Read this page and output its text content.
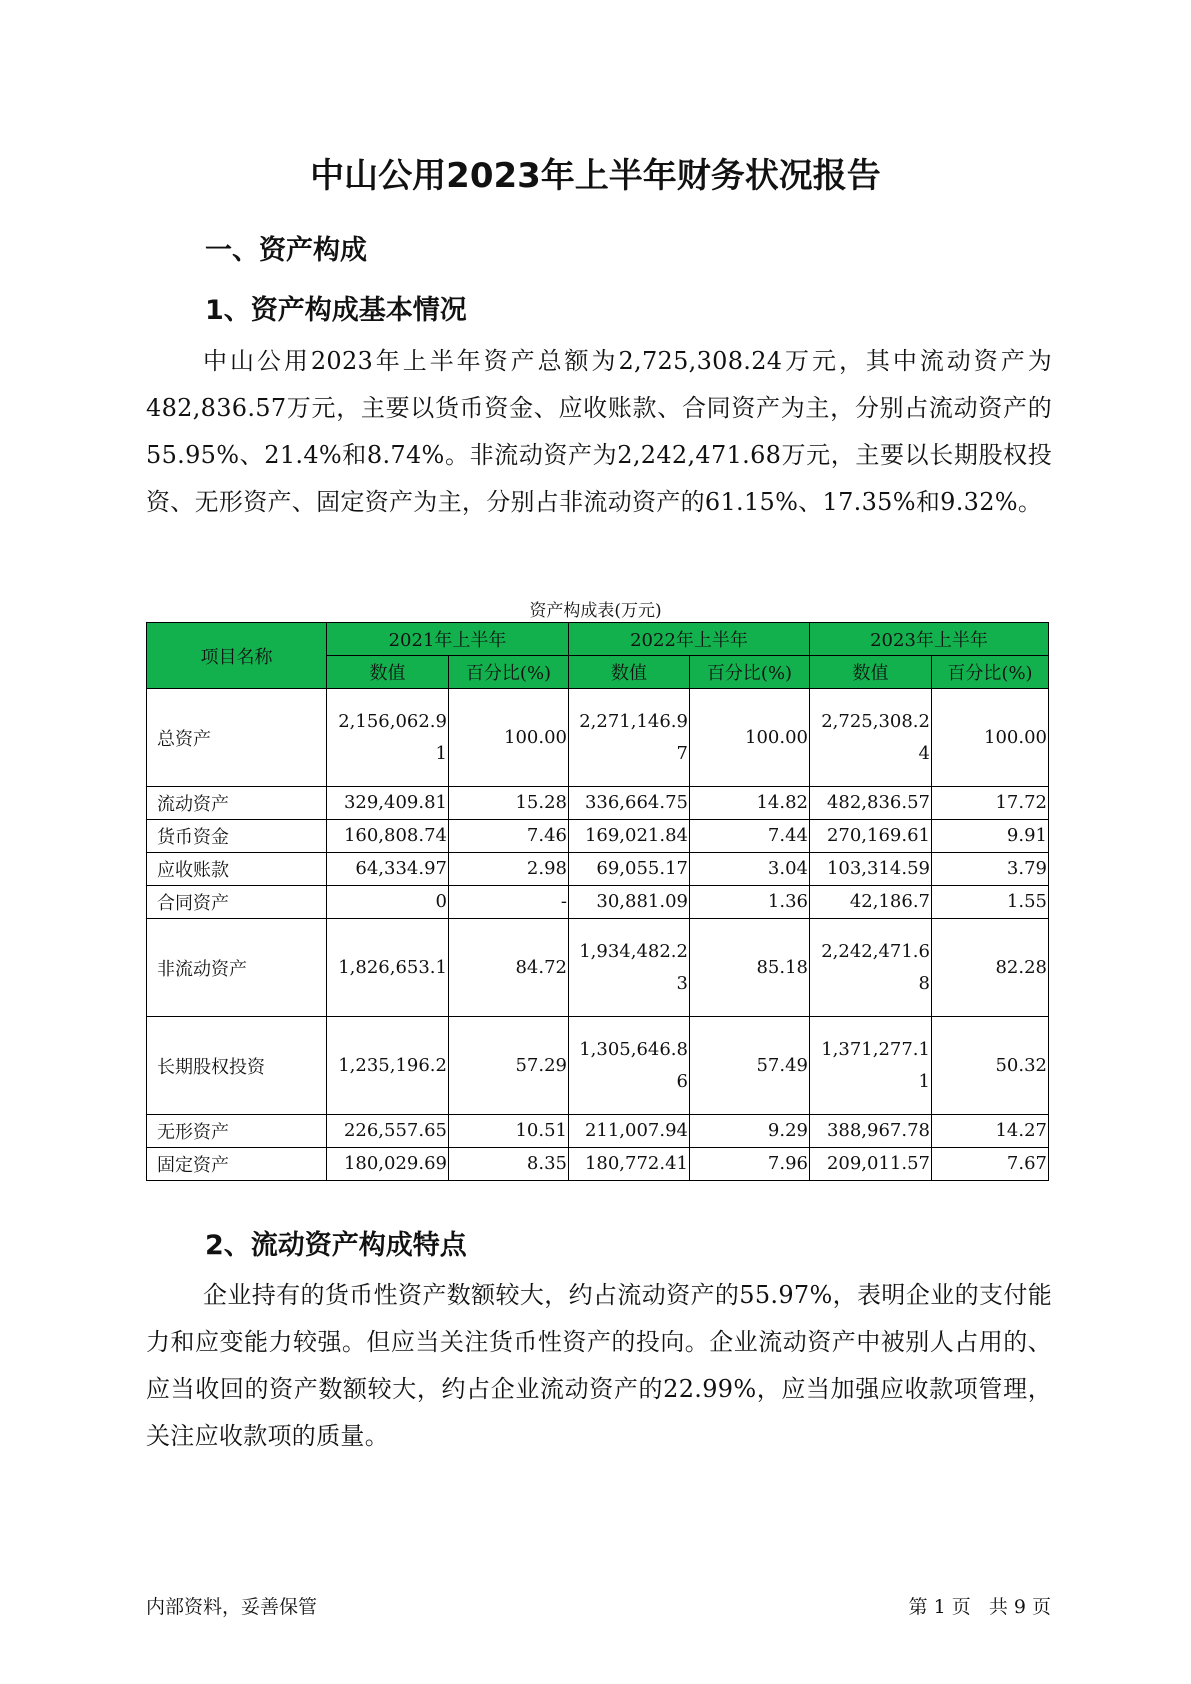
中山公用2023年上半年财务状况报告
一、资产构成
1、资产构成基本情况

中山公用2023年上半年资产总额为2,725,308.24万元，其中流动资产为482,836.57万元，主要以货币资金、应收账款、合同资产为主，分别占流动资产的55.95%、21.4%和8.74%。非流动资产为2,242,471.68万元，主要以长期股权投资、无形资产、固定资产为主，分别占非流动资产的61.15%、17.35%和9.32%。

资产构成表(万元)

项目名称	2021年上半年		2022年上半年		2023年上半年	
	数值	百分比(%)	数值	百分比(%)	数值	百分比(%)
总资产	2,156,062.91	100.00	2,271,146.97	100.00	2,725,308.24	100.00
流动资产	329,409.81	15.28	336,664.75	14.82	482,836.57	17.72
货币资金	160,808.74	7.46	169,021.84	7.44	270,169.61	9.91
应收账款	64,334.97	2.98	69,055.17	3.04	103,314.59	3.79
合同资产	0	-	30,881.09	1.36	42,186.7	1.55
非流动资产	1,826,653.1	84.72	1,934,482.23	85.18	2,242,471.68	82.28
长期股权投资	1,235,196.2	57.29	1,305,646.86	57.49	1,371,277.11	50.32
无形资产	226,557.65	10.51	211,007.94	9.29	388,967.78	14.27
固定资产	180,029.69	8.35	180,772.41	7.96	209,011.57	7.67
2、流动资产构成特点

企业持有的货币性资产数额较大，约占流动资产的55.97%，表明企业的支付能力和应变能力较强。但应当关注货币性资产的投向。企业流动资产中被别人占用的、应当收回的资产数额较大，约占企业流动资产的22.99%，应当加强应收款项管理，关注应收款项的质量。

内部资料，妥善保管	第 1 页   共 9 页
